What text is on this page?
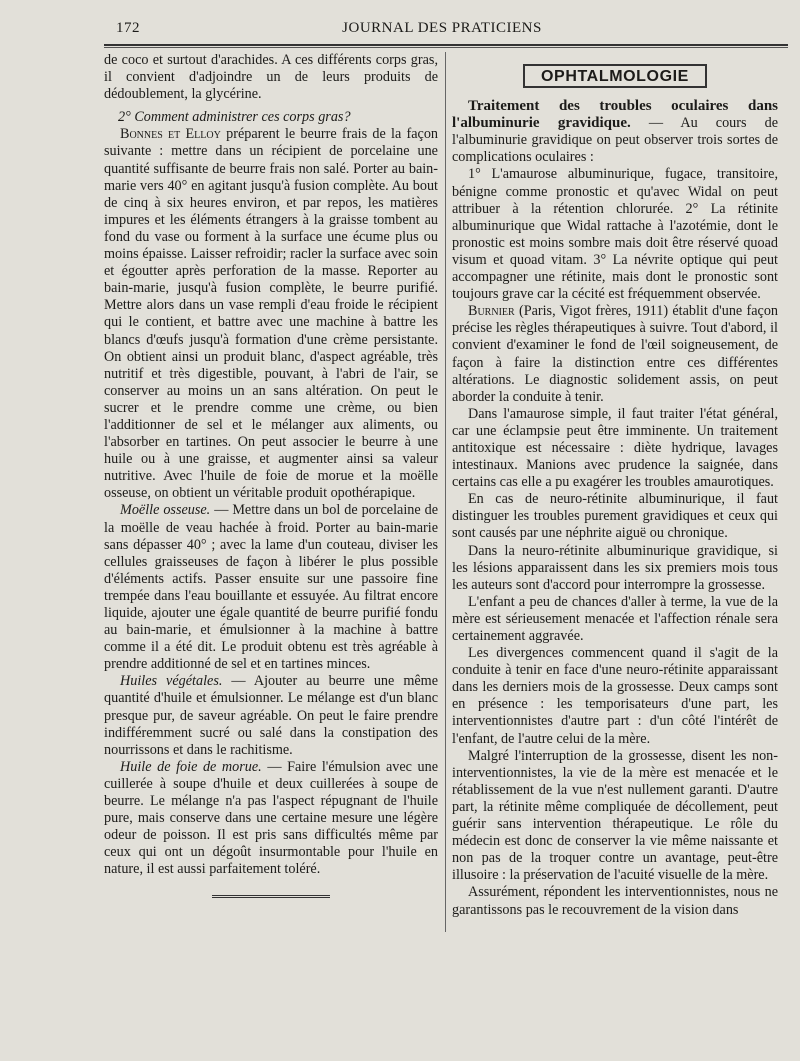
172	JOURNAL DES PRATICIENS

de coco et surtout d'arachides. A ces différents corps gras, il convient d'adjoindre un de leurs produits de dédoublement, la glycérine.

2° Comment administrer ces corps gras?

Bonnes et Elloy préparent le beurre frais de la façon suivante : mettre dans un récipient de porcelaine une quantité suffisante de beurre frais non salé. Porter au bain-marie vers 40° en agitant jusqu'à fusion complète. Au bout de cinq à six heures environ, et par repos, les matières impures et les éléments étrangers à la graisse tombent au fond du vase ou forment à la surface une écume plus ou moins épaisse. Laisser refroidir; racler la surface avec soin et égoutter après perforation de la masse. Reporter au bain-marie, jusqu'à fusion complète, le beurre purifié. Mettre alors dans un vase rempli d'eau froide le récipient qui le contient, et battre avec une machine à battre les blancs d'œufs jusqu'à formation d'une crème persistante. On obtient ainsi un produit blanc, d'aspect agréable, très nutritif et très digestible, pouvant, à l'abri de l'air, se conserver au moins un an sans altération. On peut le sucrer et le prendre comme une crème, ou bien l'additionner de sel et le mélanger aux aliments, ou l'absorber en tartines. On peut associer le beurre à une huile ou à une graisse, et augmenter ainsi sa valeur nutritive. Avec l'huile de foie de morue et la moëlle osseuse, on obtient un véritable produit opothérapique.

Moëlle osseuse. — Mettre dans un bol de porcelaine de la moëlle de veau hachée à froid. Porter au bain-marie sans dépasser 40° ; avec la lame d'un couteau, diviser les cellules graisseuses de façon à libérer le plus possible d'éléments actifs. Passer ensuite sur une passoire fine trempée dans l'eau bouillante et essuyée. Au filtrat encore liquide, ajouter une égale quantité de beurre purifié fondu au bain-marie, et émulsionner à la machine à battre comme il a été dit. Le produit obtenu est très agréable à prendre additionné de sel et en tartines minces.

Huiles végétales. — Ajouter au beurre une même quantité d'huile et émulsionner. Le mélange est d'un blanc presque pur, de saveur agréable. On peut le faire prendre indifféremment sucré ou salé dans la constipation des nourrissons et dans le rachitisme.

Huile de foie de morue. — Faire l'émulsion avec une cuillerée à soupe d'huile et deux cuillerées à soupe de beurre. Le mélange n'a pas l'aspect répugnant de l'huile pure, mais conserve dans une certaine mesure une légère odeur de poisson. Il est pris sans difficultés même par ceux qui ont un dégoût insurmontable pour l'huile en nature, il est aussi parfaitement toléré.

OPHTALMOLOGIE

Traitement des troubles oculaires dans l'albuminurie gravidique. — Au cours de l'albuminurie gravidique on peut observer trois sortes de complications oculaires :

1° L'amaurose albuminurique, fugace, transitoire, bénigne comme pronostic et qu'avec Widal on peut attribuer à la rétention chlorurée. 2° La rétinite albuminurique que Widal rattache à l'azotémie, dont le pronostic est moins sombre mais doit être réservé quoad visum et quoad vitam. 3° La névrite optique qui peut accompagner une rétinite, mais dont le pronostic sont toujours grave car la cécité est fréquemment observée.

Burnier (Paris, Vigot frères, 1911) établit d'une façon précise les règles thérapeutiques à suivre. Tout d'abord, il convient d'examiner le fond de l'œil soigneusement, de façon à faire la distinction entre ces différentes altérations. Le diagnostic solidement assis, on peut aborder la conduite à tenir.

Dans l'amaurose simple, il faut traiter l'état général, car une éclampsie peut être imminente. Un traitement antitoxique est nécessaire : diète hydrique, lavages intestinaux. Manions avec prudence la saignée, dans certains cas elle a pu exagérer les troubles amaurotiques.

En cas de neuro-rétinite albuminurique, il faut distinguer les troubles purement gravidiques et ceux qui sont causés par une néphrite aiguë ou chronique.

Dans la neuro-rétinite albuminurique gravidique, si les lésions apparaissent dans les six premiers mois tous les auteurs sont d'accord pour interrompre la grossesse.

L'enfant a peu de chances d'aller à terme, la vue de la mère est sérieusement menacée et l'affection rénale sera certainement aggravée.

Les divergences commencent quand il s'agit de la conduite à tenir en face d'une neuro-rétinite apparaissant dans les derniers mois de la grossesse. Deux camps sont en présence : les temporisateurs d'une part, les interventionnistes d'autre part : d'un côté l'intérêt de l'enfant, de l'autre celui de la mère.

Malgré l'interruption de la grossesse, disent les non-interventionnistes, la vie de la mère est menacée et le rétablissement de la vue n'est nullement garanti. D'autre part, la rétinite même compliquée de décollement, peut guérir sans intervention thérapeutique. Le rôle du médecin est donc de conserver la vie même naissante et non pas de la troquer contre un avantage, peut-être illusoire : la préservation de l'acuité visuelle de la mère.

Assurément, répondent les interventionnistes, nous ne garantissons pas le recouvrement de la vision dans
